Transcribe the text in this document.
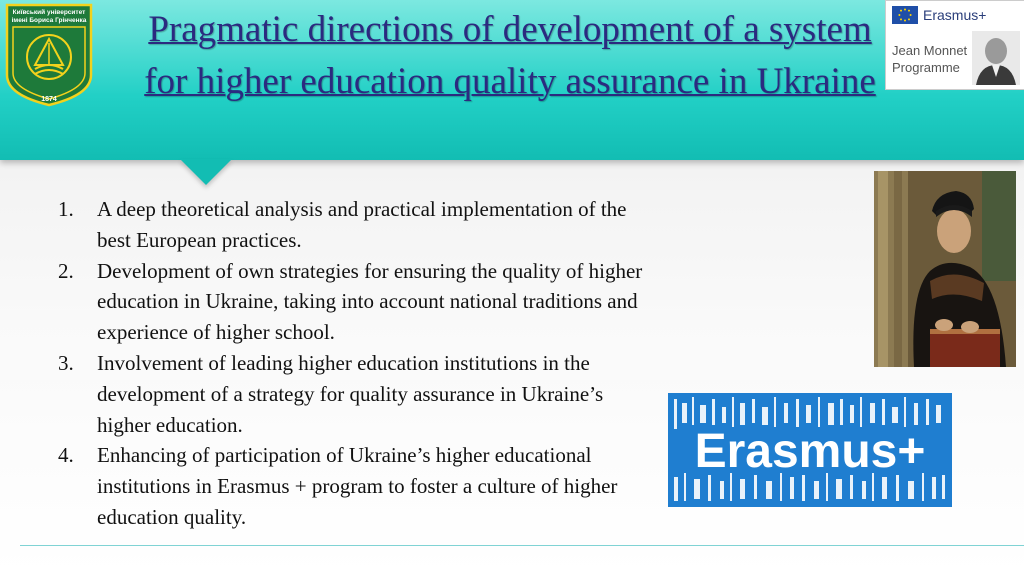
Київський університет
імені Бориса Грінченка
1874
Pragmatic directions of development of a system for higher education quality assurance in Ukraine
Erasmus+
Jean Monnet
Programme
1. A deep theoretical analysis and practical implementation of the best European practices.
2. Development of own strategies for ensuring the quality of higher education in Ukraine, taking into account national traditions and experience of higher school.
3. Involvement of leading higher education institutions in the development of a strategy for quality assurance in Ukraine’s higher education.
4. Enhancing of participation of Ukraine’s higher educational institutions in Erasmus + program to foster a culture of higher education quality.
Erasmus+
